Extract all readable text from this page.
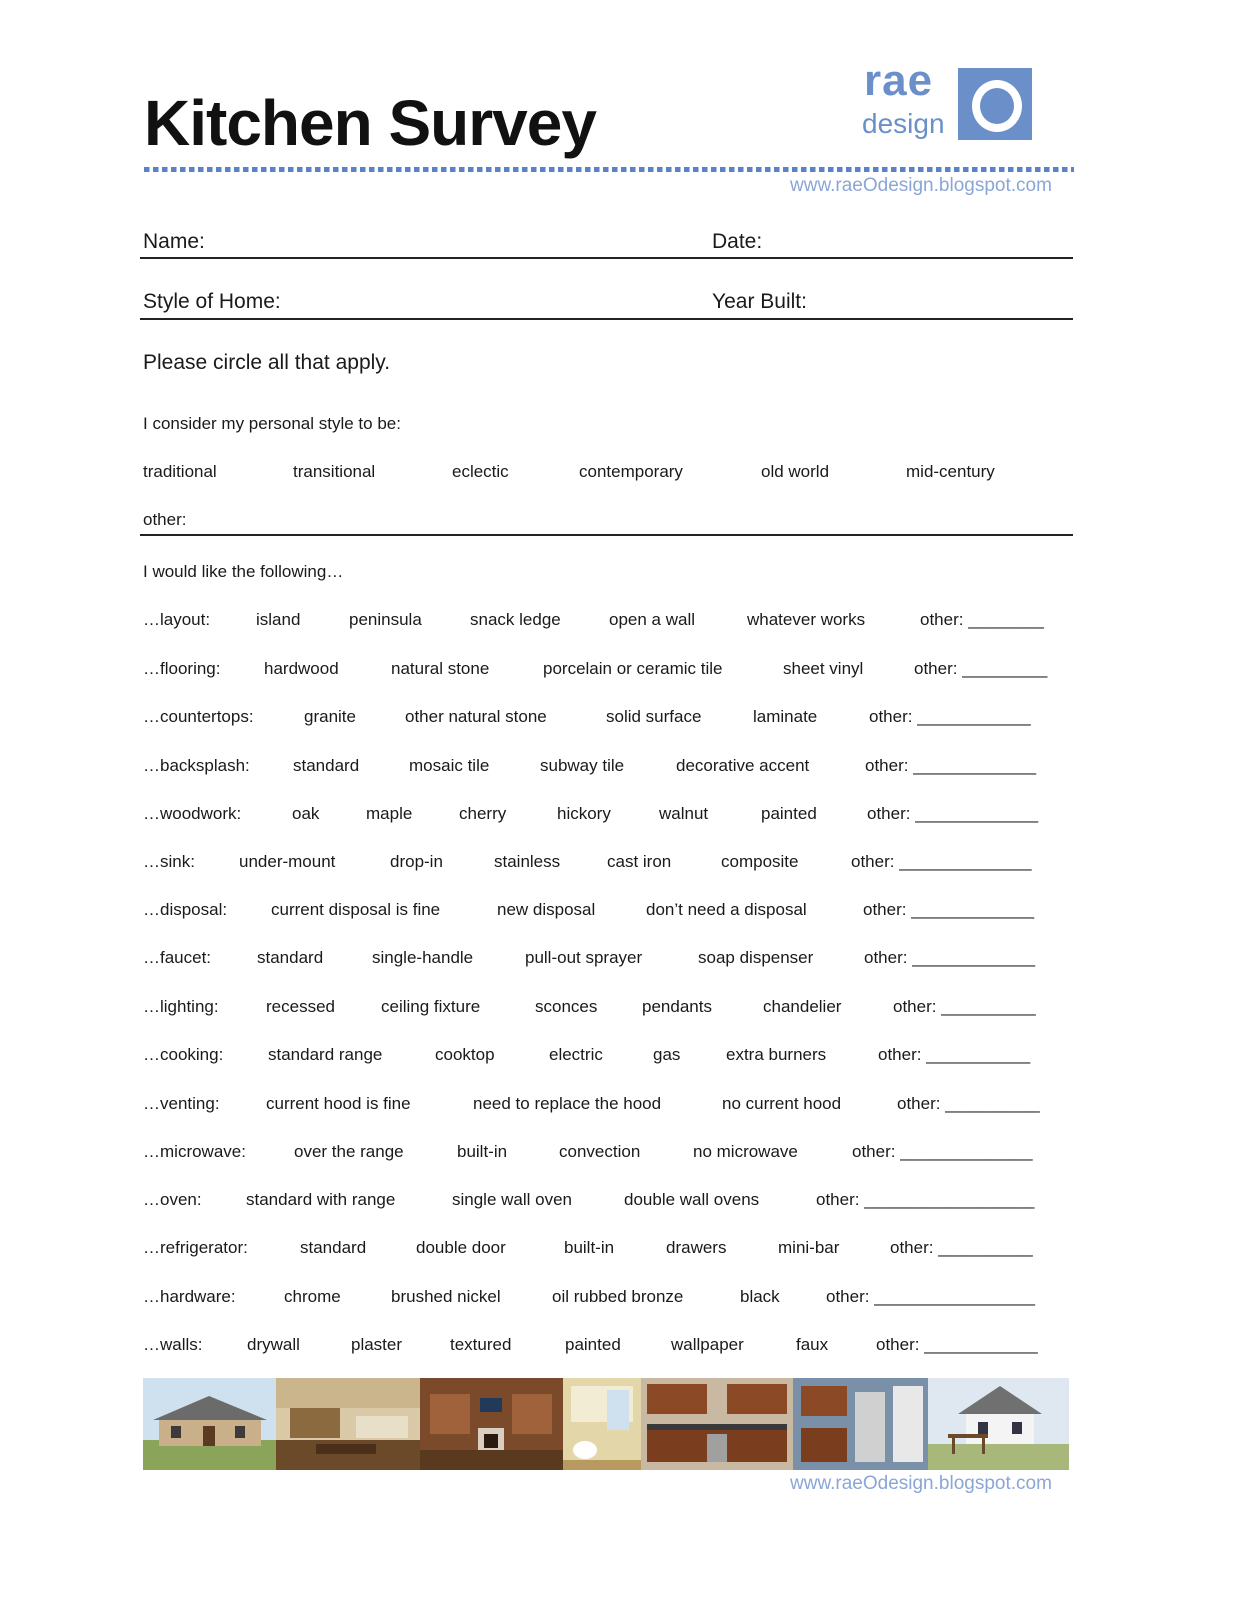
Kitchen Survey
rae
design
www.raeOdesign.blogspot.com
Name:	Date:
Style of Home:	Year Built:
Please circle all that apply.
I consider my personal style to be:
traditional	transitional	eclectic	contemporary	old world	mid-century
other:
I would like the following…
…layout:	island	peninsula	snack ledge	open a wall	whatever works	other: ________
…flooring:	hardwood	natural stone	porcelain or ceramic tile	sheet vinyl	other: _________
…countertops:	granite	other natural stone	solid surface	laminate	other: ____________
…backsplash:	standard	mosaic tile	subway tile	decorative accent	other: _____________
…woodwork:	oak	maple	cherry	hickory	walnut	painted	other: _____________
…sink:	under-mount	drop-in	stainless	cast iron	composite	other: ______________
…disposal:	current disposal is fine	new disposal	don’t need a disposal	other: _____________
…faucet:	standard	single-handle	pull-out sprayer	soap dispenser	other: _____________
…lighting:	recessed	ceiling fixture	sconces	pendants	chandelier	other: __________
…cooking:	standard range	cooktop	electric	gas	extra burners	other: ___________
…venting:	current hood is fine	need to replace the hood	no current hood	other: __________
…microwave:	over the range	built-in	convection	no microwave	other: ______________
…oven:	standard with range	single wall oven	double wall ovens	other: __________________
…refrigerator:	standard	double door	built-in	drawers	mini-bar	other: __________
…hardware:	chrome	brushed nickel	oil rubbed bronze	black	other: _________________
…walls:	drywall	plaster	textured	painted	wallpaper	faux	other: ____________
www.raeOdesign.blogspot.com
